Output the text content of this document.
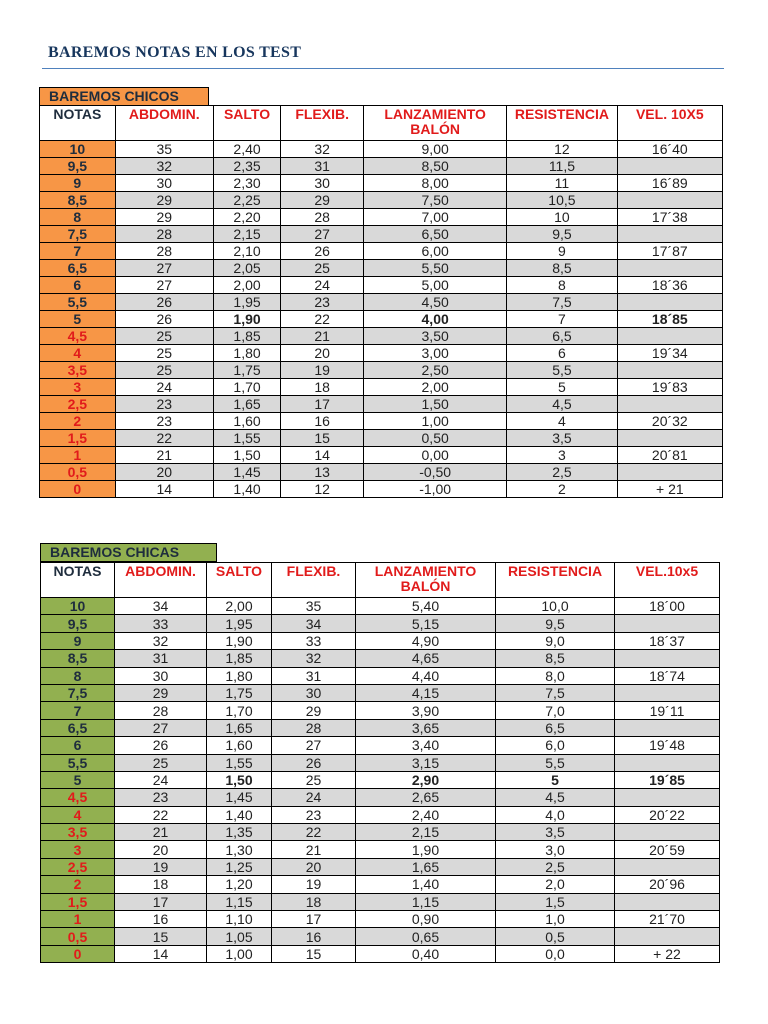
BAREMOS NOTAS EN LOS TEST
BAREMOS CHICOS
NOTAS	ABDOMIN.	SALTO	FLEXIB.	LANZAMIENTO BALÓN	RESISTENCIA	VEL. 10X5
10	35	2,40	32	9,00	12	16´40
9,5	32	2,35	31	8,50	11,5	
9	30	2,30	30	8,00	11	16´89
8,5	29	2,25	29	7,50	10,5	
8	29	2,20	28	7,00	10	17´38
7,5	28	2,15	27	6,50	9,5	
7	28	2,10	26	6,00	9	17´87
6,5	27	2,05	25	5,50	8,5	
6	27	2,00	24	5,00	8	18´36
5,5	26	1,95	23	4,50	7,5	
5	26	1,90	22	4,00	7	18´85
4,5	25	1,85	21	3,50	6,5	
4	25	1,80	20	3,00	6	19´34
3,5	25	1,75	19	2,50	5,5	
3	24	1,70	18	2,00	5	19´83
2,5	23	1,65	17	1,50	4,5	
2	23	1,60	16	1,00	4	20´32
1,5	22	1,55	15	0,50	3,5	
1	21	1,50	14	0,00	3	20´81
0,5	20	1,45	13	-0,50	2,5	
0	14	1,40	12	-1,00	2	+ 21
BAREMOS CHICAS
NOTAS	ABDOMIN.	SALTO	FLEXIB.	LANZAMIENTO BALÓN	RESISTENCIA	VEL.10x5
10	34	2,00	35	5,40	10,0	18´00
9,5	33	1,95	34	5,15	9,5	
9	32	1,90	33	4,90	9,0	18´37
8,5	31	1,85	32	4,65	8,5	
8	30	1,80	31	4,40	8,0	18´74
7,5	29	1,75	30	4,15	7,5	
7	28	1,70	29	3,90	7,0	19´11
6,5	27	1,65	28	3,65	6,5	
6	26	1,60	27	3,40	6,0	19´48
5,5	25	1,55	26	3,15	5,5	
5	24	1,50	25	2,90	5	19´85
4,5	23	1,45	24	2,65	4,5	
4	22	1,40	23	2,40	4,0	20´22
3,5	21	1,35	22	2,15	3,5	
3	20	1,30	21	1,90	3,0	20´59
2,5	19	1,25	20	1,65	2,5	
2	18	1,20	19	1,40	2,0	20´96
1,5	17	1,15	18	1,15	1,5	
1	16	1,10	17	0,90	1,0	21´70
0,5	15	1,05	16	0,65	0,5	
0	14	1,00	15	0,40	0,0	+ 22
